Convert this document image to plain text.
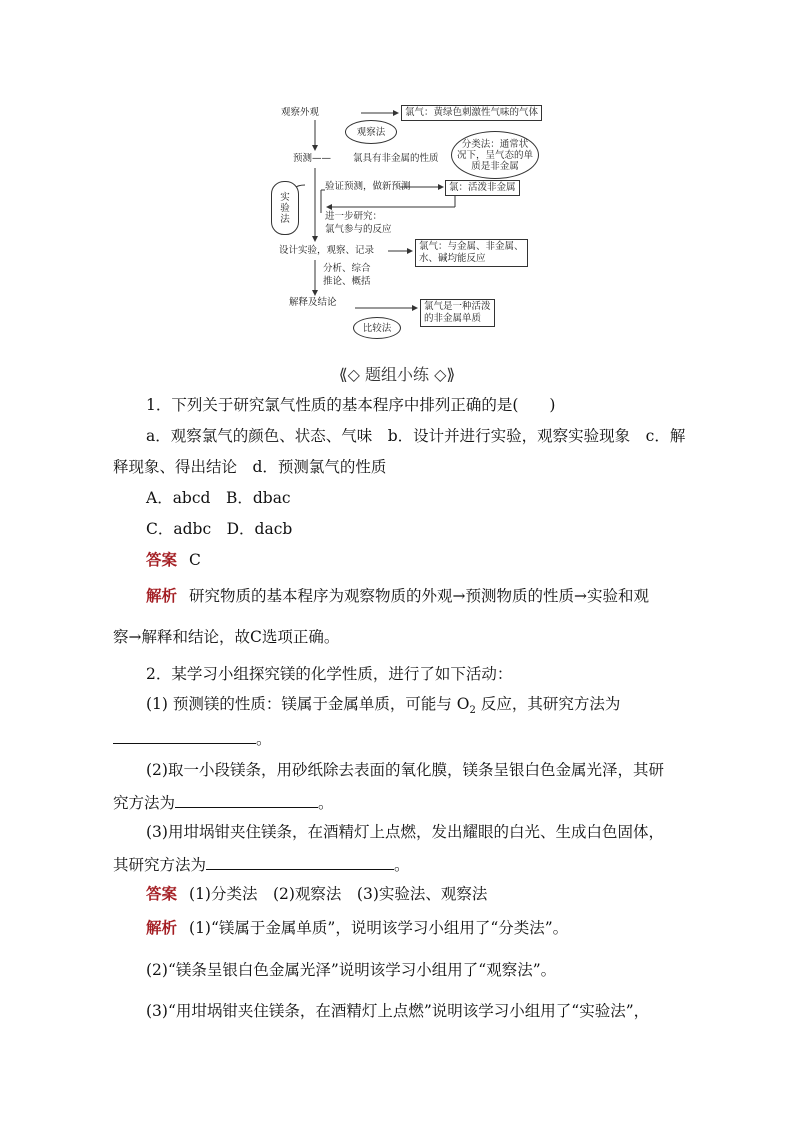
观察外观
预测—— 氯具有非金属的性质
设计实验，观察、记录
解释及结论
验证预测，做新预测
进一步研究：
氯气参与的反应
分析、综合
推论、概括
氯气：黄绿色刺激性气味的气体
氯：活泼非金属
氯气：与金属、非金属、
水、碱均能反应
氯气是一种活泼
的非金属单质
观察法
分类法：通常状
况下，呈气态的单
质是非金属
实
验
法
比较法
⟪◇ 题组小练 ◇⟫
1．下列关于研究氯气性质的基本程序中排列正确的是(　　)
a．观察氯气的颜色、状态、气味　b．设计并进行实验，观察实验现象　c．解
释现象、得出结论　d．预测氯气的性质
A．abcd　B．dbac
C．adbc　D．dacb
答案 C
解析 研究物质的基本程序为观察物质的外观→预测物质的性质→实验和观
察→解释和结论，故C选项正确。
2．某学习小组探究镁的化学性质，进行了如下活动：
(1) 预测镁的性质：镁属于金属单质，可能与 $O_2$ 反应，其研究方法为
。
(2)取一小段镁条，用砂纸除去表面的氧化膜，镁条呈银白色金属光泽，其研
究方法为	。
(3)用坩埚钳夹住镁条，在酒精灯上点燃，发出耀眼的白光、生成白色固体，
其研究方法为	。
答案 (1)分类法　(2)观察法　(3)实验法、观察法
解析 (1)“镁属于金属单质”，说明该学习小组用了“分类法”。
(2)“镁条呈银白色金属光泽”说明该学习小组用了“观察法”。
(3)“用坩埚钳夹住镁条，在酒精灯上点燃”说明该学习小组用了“实验法”，
